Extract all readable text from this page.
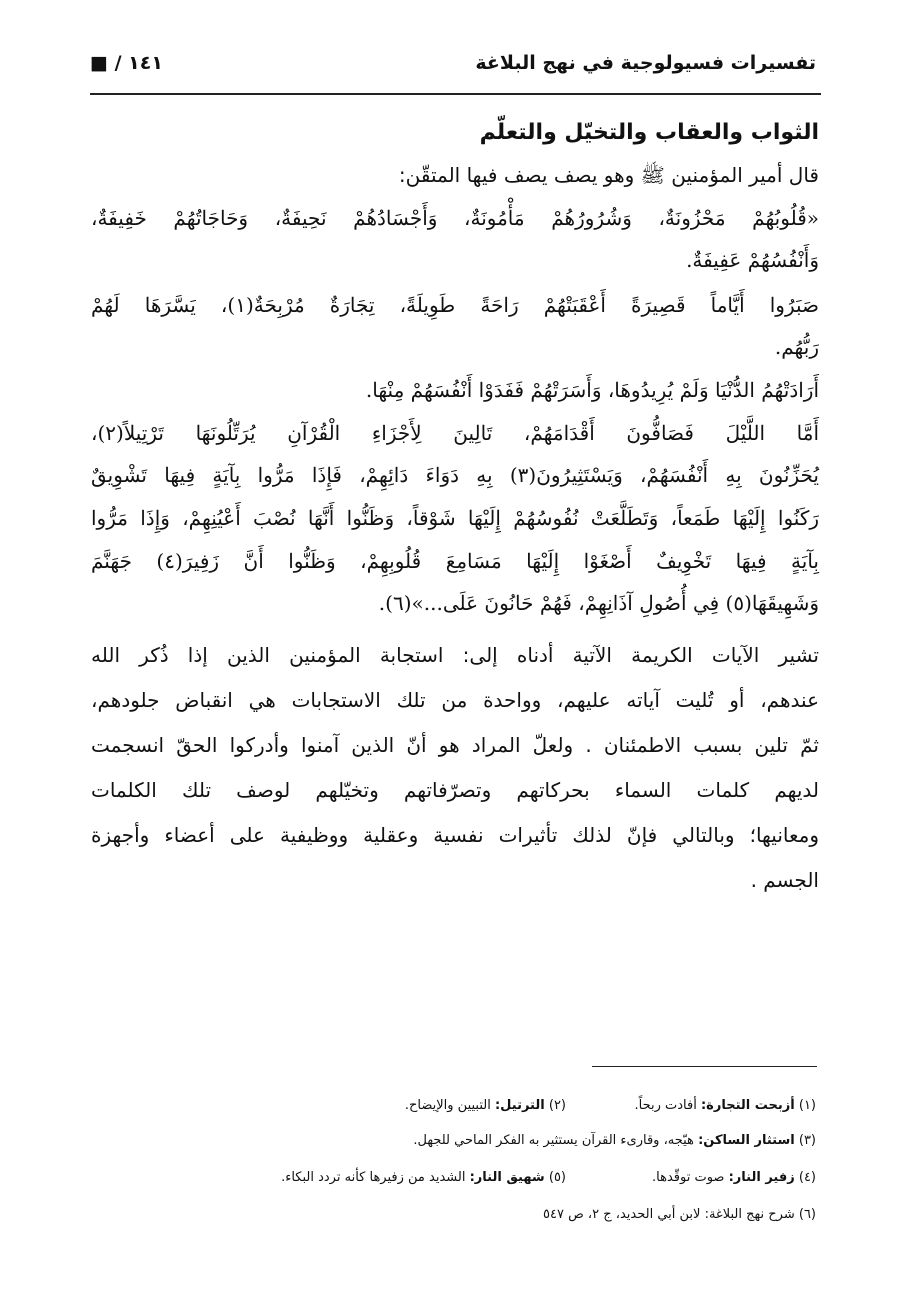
تفسيرات فسيولوجية في نهج البلاغة
■ / ١٤١
الثواب والعقاب والتخيّل والتعلّم
قال أمير المؤمنين ﷺ وهو يصف يصف فيها المتقّن:
«قُلُوبُهُمْ مَحْزُونَةٌ، وَشُرُورُهُمْ مَأْمُونَةٌ، وَأَجْسَادُهُمْ نَحِيفَةٌ، وَحَاجَاتُهُمْ خَفِيفَةٌ،
وَأَنْفُسُهُمْ عَفِيفَةٌ.
صَبَرُوا أَيَّاماً قَصِيرَةً أَعْقَبَتْهُمْ رَاحَةً طَوِيلَةً، تِجَارَةٌ مُرْبِحَةٌ(١)، يَسَّرَهَا لَهُمْ
رَبُّهُم.
أَرَادَتْهُمُ الدُّنْيَا وَلَمْ يُرِيدُوهَا، وَأَسَرَتْهُمْ فَفَدَوْا أَنْفُسَهُمْ مِنْهَا.
أَمَّا اللَّيْلَ فَصَافُّونَ أَقْدَامَهُمْ، تَالِينَ لِأَجْزَاءِ الْقُرْآنِ يُرَتِّلُونَهَا تَرْتِيلاً(٢)،
يُحَزِّنُونَ بِهِ أَنْفُسَهُمْ، وَيَسْتَثِيرُونَ(٣) بِهِ دَوَاءَ دَائِهِمْ، فَإِذَا مَرُّوا بِآيَةٍ فِيهَا تَشْوِيقٌ
رَكَنُوا إِلَيْهَا طَمَعاً، وَتَطَلَّعَتْ نُفُوسُهُمْ إِلَيْهَا شَوْقاً، وَظَنُّوا أَنَّهَا نُصْبَ أَعْيُنِهِمْ، وَإِذَا مَرُّوا
بِآيَةٍ فِيهَا تَخْوِيفٌ أَصْغَوْا إِلَيْهَا مَسَامِعَ قُلُوبِهِمْ، وَظَنُّوا أَنَّ زَفِيرَ(٤) جَهَنَّمَ
وَشَهِيقَهَا(٥) فِي أُصُولِ آذَانِهِمْ، فَهُمْ حَانُونَ عَلَى...»(٦).
تشير الآيات الكريمة الآتية أدناه إلى: استجابة المؤمنين الذين إذا ذُكر الله
عندهم، أو تُليت آياته عليهم، وواحدة من تلك الاستجابات هي انقباض جلودهم،
ثمّ تلين بسبب الاطمئنان . ولعلّ المراد هو أنّ الذين آمنوا وأدركوا الحقّ انسجمت
لديهم كلمات السماء بحركاتهم وتصرّفاتهم وتخيّلهم لوصف تلك الكلمات
ومعانيها؛ وبالتالي فإنّ لذلك تأثيرات نفسية وعقلية ووظيفية على أعضاء وأجهزة
الجسم .
(١) أزبحت التجارة: أفادت ربحاً.
(٢) الترتيل: التبيين والإيضاح.
(٣) استثار الساكن: هيّجه، وقارىء القرآن يستثير به الفكر الماحي للجهل.
(٤) زفير النار: صوت توقّدها.
(٥) شهيق النار: الشديد من زفيرها كأنه تردد البكاء.
(٦) شرح نهج البلاغة: لابن أبي الحديد، ج ٢، ص ٥٤٧
